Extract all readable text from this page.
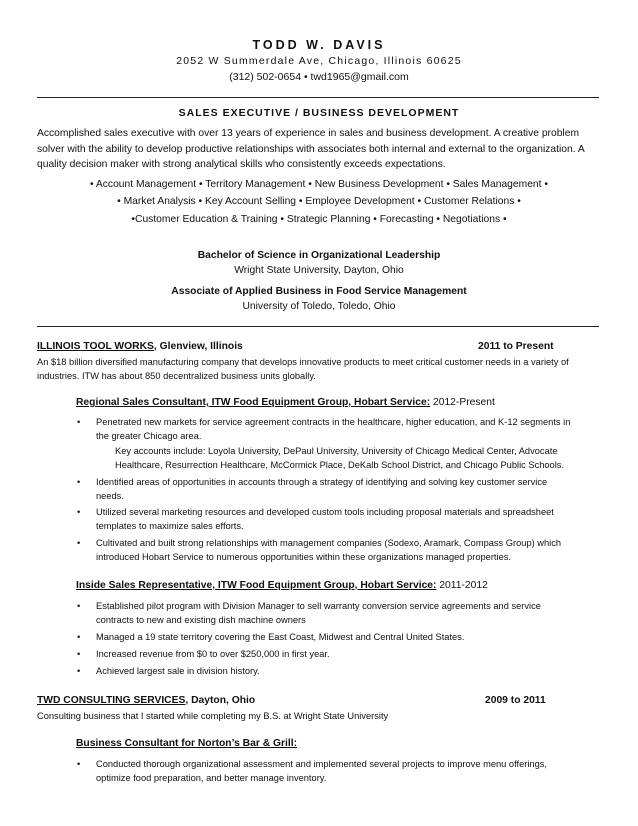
TODD W. DAVIS
2052 W Summerdale Ave, Chicago, Illinois 60625
(312) 502-0654 • twd1965@gmail.com
SALES EXECUTIVE / BUSINESS DEVELOPMENT
Accomplished sales executive with over 13 years of experience in sales and business development. A creative problem solver with the ability to develop productive relationships with associates both internal and external to the organization. A quality decision maker with strong analytical skills who consistently exceeds expectations.
• Account Management • Territory Management • New Business Development • Sales Management •
• Market Analysis • Key Account Selling • Employee Development • Customer Relations •
•Customer Education & Training • Strategic Planning • Forecasting • Negotiations •
Bachelor of Science in Organizational Leadership
Wright State University, Dayton, Ohio
Associate of Applied Business in Food Service Management
University of Toledo, Toledo, Ohio
ILLINOIS TOOL WORKS, Glenview, Illinois	2011 to Present
An $18 billion diversified manufacturing company that develops innovative products to meet critical customer needs in a variety of industries. ITW has about 850 decentralized business units globally.
Regional Sales Consultant, ITW Food Equipment Group, Hobart Service: 2012-Present
•	Penetrated new markets for service agreement contracts in the healthcare, higher education, and K-12 segments in the greater Chicago area.
Key accounts include: Loyola University, DePaul University, University of Chicago Medical Center, Advocate Healthcare, Resurrection Healthcare, McCormick Place, DeKalb School District, and Chicago Public Schools.
•	Identified areas of opportunities in accounts through a strategy of identifying and solving key customer service needs.
•	Utilized several marketing resources and developed custom tools including proposal materials and spreadsheet templates to maximize sales efforts.
•	Cultivated and built strong relationships with management companies (Sodexo, Aramark, Compass Group) which introduced Hobart Service to numerous opportunities within these organizations managed properties.
Inside Sales Representative, ITW Food Equipment Group, Hobart Service: 2011-2012
•	Established pilot program with Division Manager to sell warranty conversion service agreements and service contracts to new and existing dish machine owners
•	Managed a 19 state territory covering the East Coast, Midwest and Central United States.
•	Increased revenue from $0 to over $250,000 in first year.
•	Achieved largest sale in division history.
TWD CONSULTING SERVICES, Dayton, Ohio	2009 to 2011
Consulting business that I started while completing my B.S. at Wright State University
Business Consultant for Norton’s Bar & Grill:
•	Conducted thorough organizational assessment and implemented several projects to improve menu offerings, optimize food preparation, and better manage inventory.
